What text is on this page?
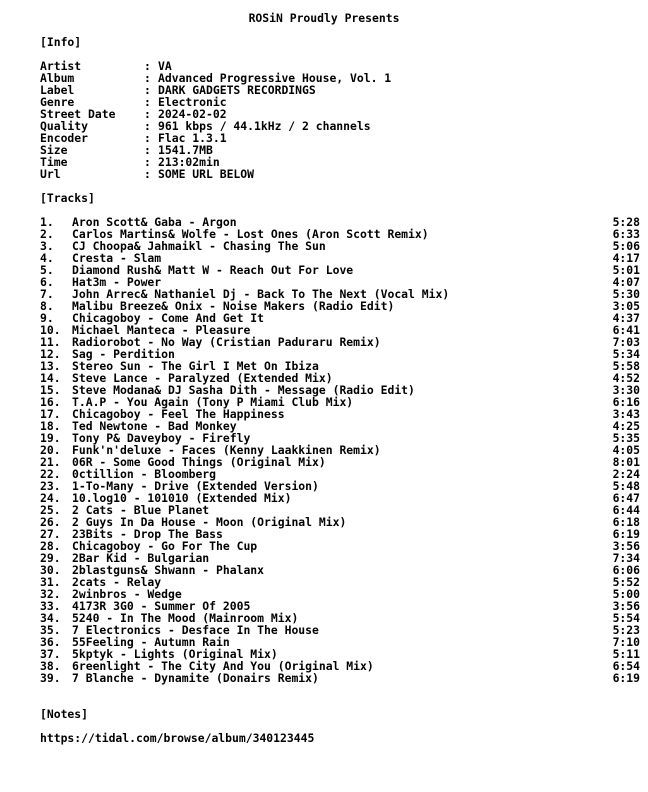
ROSiN Proudly Presents

[Info]

Artist	: VA
Album	: Advanced Progressive House, Vol. 1
Label	: DARK GADGETS RECORDINGS
Genre	: Electronic
Street Date	: 2024-02-02
Quality	: 961 kbps / 44.1kHz / 2 channels
Encoder	: Flac 1.3.1
Size	: 1541.7MB
Time	: 213:02min
Url	: SOME URL BELOW

[Tracks]

1. Aron Scott& Gaba - Argon	5:28
2. Carlos Martins& Wolfe - Lost Ones (Aron Scott Remix)	6:33
3. CJ Choopa& Jahmaikl - Chasing The Sun	5:06
4. Cresta - Slam	4:17
5. Diamond Rush& Matt W - Reach Out For Love	5:01
6. Hat3m - Power	4:07
7. John Arrec& Nathaniel Dj - Back To The Next (Vocal Mix)	5:30
8. Malibu Breeze& Onix - Noise Makers (Radio Edit)	3:05
9. Chicagoboy - Come And Get It	4:37
10. Michael Manteca - Pleasure	6:41
11. Radiorobot - No Way (Cristian Paduraru Remix)	7:03
12. Sag - Perdition	5:34
13. Stereo Sun - The Girl I Met On Ibiza	5:58
14. Steve Lance - Paralyzed (Extended Mix)	4:52
15. Steve Modana& DJ Sasha Dith - Message (Radio Edit)	3:30
16. T.A.P - You Again (Tony P Miami Club Mix)	6:16
17. Chicagoboy - Feel The Happiness	3:43
18. Ted Newtone - Bad Monkey	4:25
19. Tony P& Daveyboy - Firefly	5:35
20. Funk'n'deluxe - Faces (Kenny Laakkinen Remix)	4:05
21. 06R - Some Good Things (Original Mix)	8:01
22. 0ctillion - Bloomberg	2:24
23. 1-To-Many - Drive (Extended Version)	5:48
24. 10.log10 - 101010 (Extended Mix)	6:47
25. 2 Cats - Blue Planet	6:44
26. 2 Guys In Da House - Moon (Original Mix)	6:18
27. 23Bits - Drop The Bass	6:19
28. Chicagoboy - Go For The Cup	3:56
29. 2Bar Kid - Bulgarian	7:34
30. 2blastguns& Shwann - Phalanx	6:06
31. 2cats - Relay	5:52
32. 2winbros - Wedge	5:00
33. 4173R 3G0 - Summer Of 2005	3:56
34. 5240 - In The Mood (Mainroom Mix)	5:54
35. 7 Electronics - Desface In The House	5:23
36. 55Feeling - Autumn Rain	7:10
37. 5kptyk - Lights (Original Mix)	5:11
38. 6reenlight - The City And You (Original Mix)	6:54
39. 7 Blanche - Dynamite (Donairs Remix)	6:19

[Notes]

https://tidal.com/browse/album/340123445
